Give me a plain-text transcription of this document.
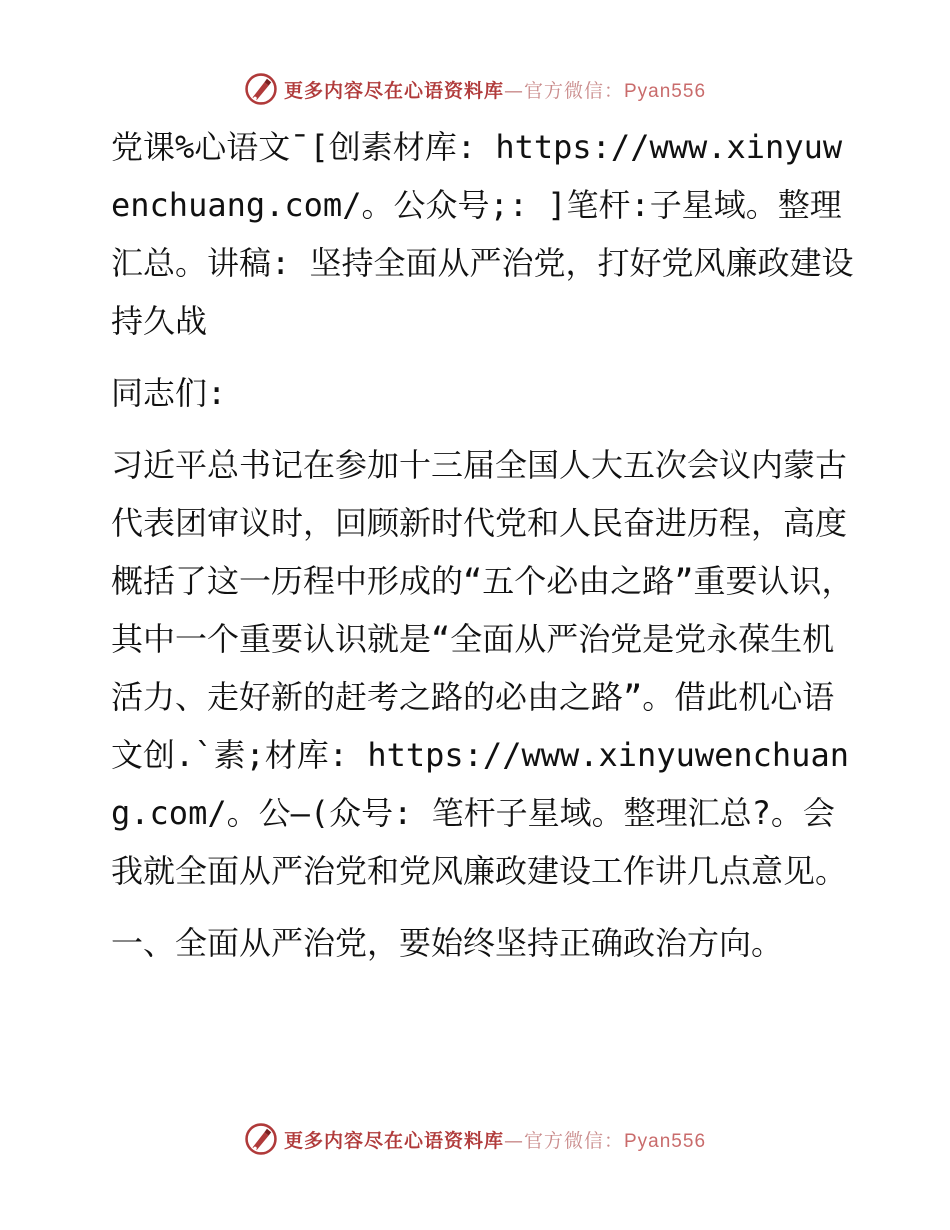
更多内容尽在心语资料库—官方微信：Pyan556

党课%心语文¯[创素材库: https://www.xinyuwenchuang.com/。公众号;: ]笔杆:子星域。整理汇总。讲稿: 坚持全面从严治党，打好党风廉政建设持久战

同志们:

习近平总书记在参加十三届全国人大五次会议内蒙古代表团审议时，回顾新时代党和人民奋进历程，高度概括了这一历程中形成的“五个必由之路”重要认识，其中一个重要认识就是“全面从严治党是党永葆生机活力、走好新的赶考之路的必由之路”。借此机心语文创.`素;材库: https://www.xinyuwenchuang.com/。公—(众号: 笔杆子星域。整理汇总?。会我就全面从严治党和党风廉政建设工作讲几点意见。

一、全面从严治党，要始终坚持正确政治方向。

更多内容尽在心语资料库—官方微信：Pyan556
